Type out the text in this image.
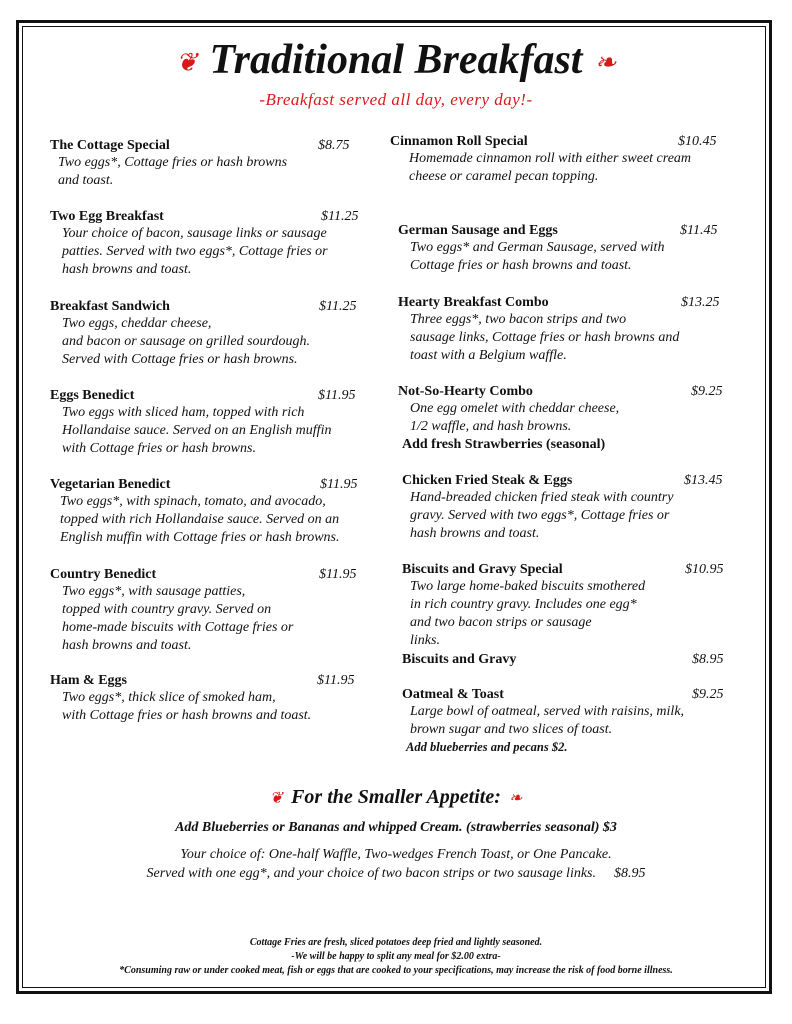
❦ Traditional Breakfast ❧
-Breakfast served all day, every day!-
The Cottage Special	$8.75
Two eggs*, Cottage fries or hash browns
and toast.
Two Egg Breakfast	$11.25
Your choice of bacon, sausage links or sausage
patties. Served with two eggs*, Cottage fries or
hash browns and toast.
Breakfast Sandwich	$11.25
Two eggs, cheddar cheese,
and bacon or sausage on grilled sourdough.
Served with Cottage fries or hash browns.
Eggs Benedict	$11.95
Two eggs with sliced ham, topped with rich
Hollandaise sauce. Served on an English muffin
with Cottage fries or hash browns.
Vegetarian Benedict	$11.95
Two eggs*, with spinach, tomato, and avocado,
topped with rich Hollandaise sauce. Served on an
English muffin with Cottage fries or hash browns.
Country Benedict	$11.95
Two eggs*, with sausage patties,
topped with country gravy. Served on
home-made biscuits with Cottage fries or
hash browns and toast.
Ham & Eggs	$11.95
Two eggs*, thick slice of smoked ham,
with Cottage fries or hash browns and toast.
Cinnamon Roll Special	$10.45
Homemade cinnamon roll with either sweet cream
cheese or caramel pecan topping.
German Sausage and Eggs	$11.45
Two eggs* and German Sausage, served with
Cottage fries or hash browns and toast.
Hearty Breakfast Combo	$13.25
Three eggs*, two bacon strips and two
sausage links, Cottage fries or hash browns and
toast with a Belgium waffle.
Not-So-Hearty Combo	$9.25
One egg omelet with cheddar cheese,
1/2 waffle, and hash browns.
Add fresh Strawberries (seasonal)
Chicken Fried Steak & Eggs	$13.45
Hand-breaded chicken fried steak with country
gravy. Served with two eggs*, Cottage fries or
hash browns and toast.
Biscuits and Gravy Special	$10.95
Two large home-baked biscuits smothered
in rich country gravy. Includes one egg*
and two bacon strips or sausage
links.
Biscuits and Gravy	$8.95
Oatmeal & Toast	$9.25
Large bowl of oatmeal, served with raisins, milk,
brown sugar and two slices of toast.
Add blueberries and pecans $2.
❦ For the Smaller Appetite: ❧
Add Blueberries or Bananas and whipped Cream. (strawberries seasonal) $3
Your choice of: One-half Waffle, Two-wedges French Toast, or One Pancake.
Served with one egg*, and your choice of two bacon strips or two sausage links. $8.95
Cottage Fries are fresh, sliced potatoes deep fried and lightly seasoned.
-We will be happy to split any meal for $2.00 extra-
*Consuming raw or under cooked meat, fish or eggs that are cooked to your specifications, may increase the risk of food borne illness.
